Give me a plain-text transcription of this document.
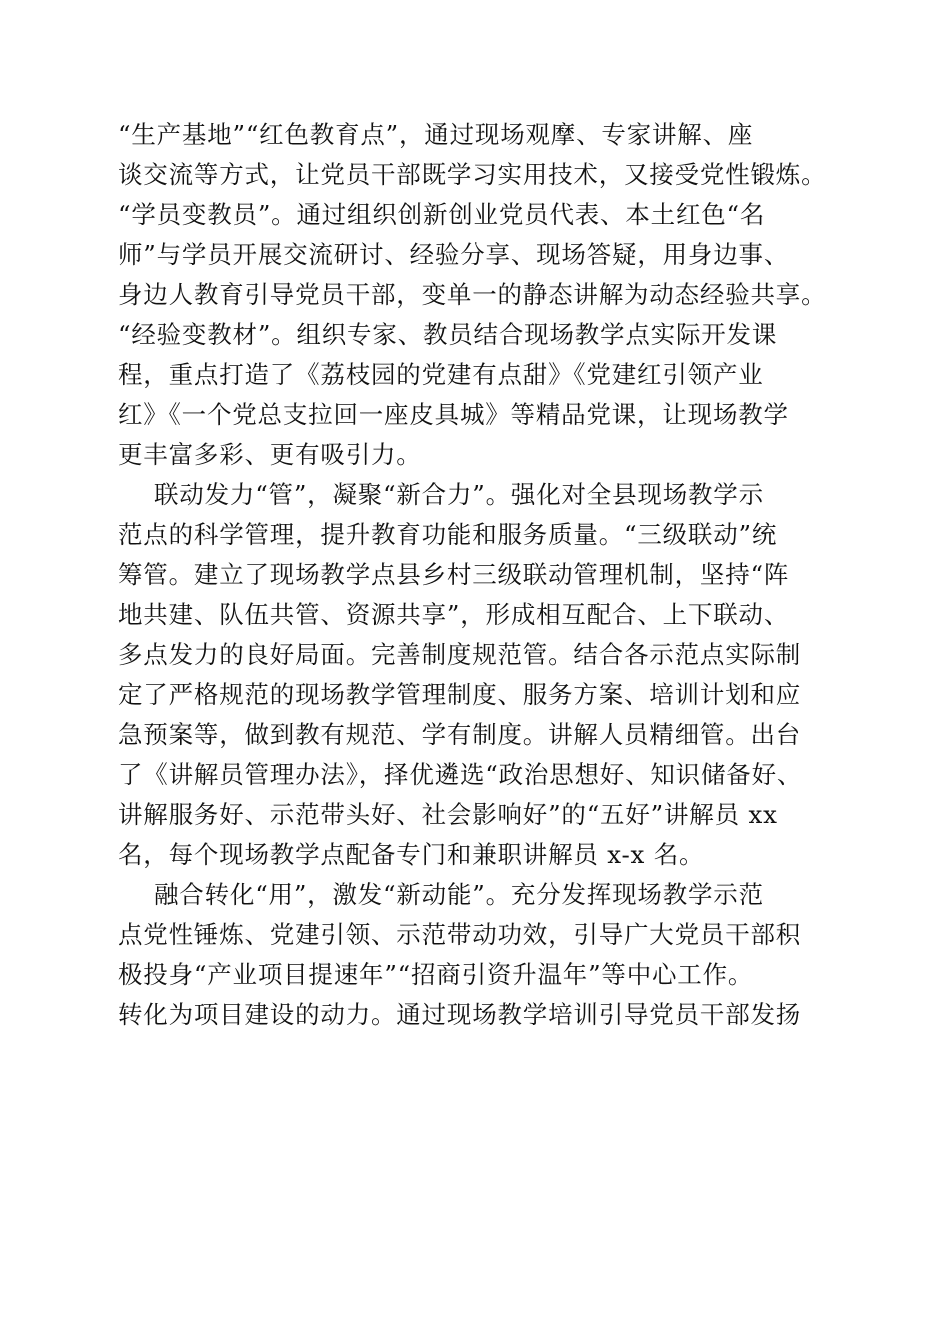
“生产基地”“红色教育点”，通过现场观摩、专家讲解、座
谈交流等方式，让党员干部既学习实用技术，又接受党性锻炼。
“学员变教员”。通过组织创新创业党员代表、本土红色“名
师”与学员开展交流研讨、经验分享、现场答疑，用身边事、
身边人教育引导党员干部，变单一的静态讲解为动态经验共享。
“经验变教材”。组织专家、教员结合现场教学点实际开发课
程，重点打造了《荔枝园的党建有点甜》《党建红引领产业
红》《一个党总支拉回一座皮具城》等精品党课，让现场教学
更丰富多彩、更有吸引力。
联动发力“管”，凝聚“新合力”。强化对全县现场教学示
范点的科学管理，提升教育功能和服务质量。“三级联动”统
筹管。建立了现场教学点县乡村三级联动管理机制，坚持“阵
地共建、队伍共管、资源共享”，形成相互配合、上下联动、
多点发力的良好局面。完善制度规范管。结合各示范点实际制
定了严格规范的现场教学管理制度、服务方案、培训计划和应
急预案等，做到教有规范、学有制度。讲解人员精细管。出台
了《讲解员管理办法》，择优遴选“政治思想好、知识储备好、
讲解服务好、示范带头好、社会影响好”的“五好”讲解员 xx
名，每个现场教学点配备专门和兼职讲解员 x-x 名。
融合转化“用”，激发“新动能”。充分发挥现场教学示范
点党性锤炼、党建引领、示范带动功效，引导广大党员干部积
极投身“产业项目提速年”“招商引资升温年”等中心工作。
转化为项目建设的动力。通过现场教学培训引导党员干部发扬
